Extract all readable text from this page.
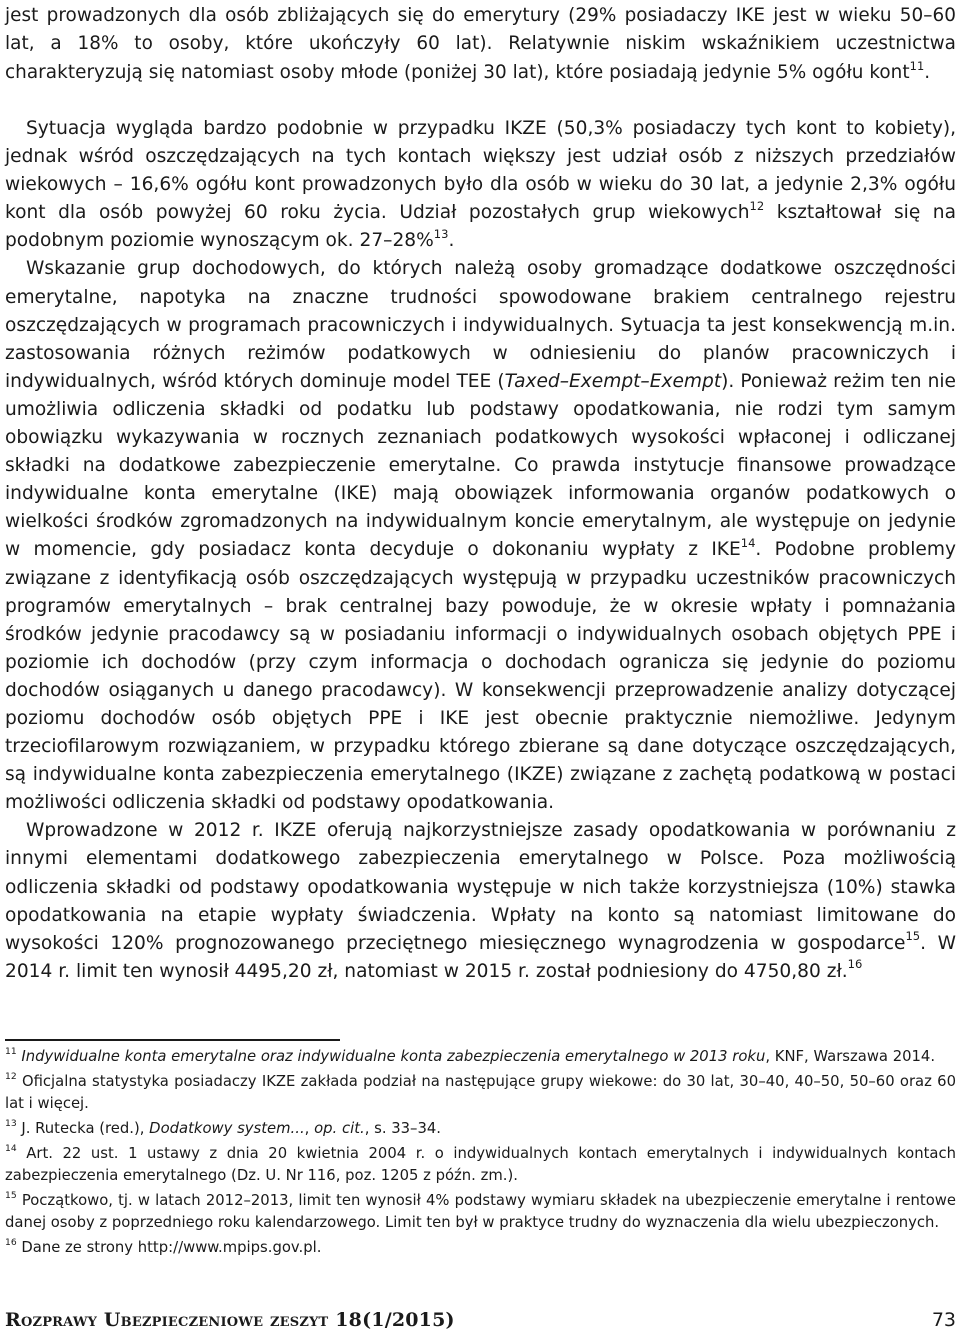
jest prowadzonych dla osób zbliżających się do emerytury (29% posiadaczy IKE jest w wieku 50–60 lat, a 18% to osoby, które ukończyły 60 lat). Relatywnie niskim wskaźnikiem uczestnictwa charakteryzują się natomiast osoby młode (poniżej 30 lat), które posiadają jedynie 5% ogółu kont$^{11}$.

Sytuacja wygląda bardzo podobnie w przypadku IKZE (50,3% posiadaczy tych kont to kobiety), jednak wśród oszczędzających na tych kontach większy jest udział osób z niższych przedziałów wiekowych – 16,6% ogółu kont prowadzonych było dla osób w wieku do 30 lat, a jedynie 2,3% ogółu kont dla osób powyżej 60 roku życia. Udział pozostałych grup wiekowych$^{12}$ kształtował się na podobnym poziomie wynoszącym ok. 27–28%$^{13}$.

Wskazanie grup dochodowych, do których należą osoby gromadzące dodatkowe oszczędności emerytalne, napotyka na znaczne trudności spowodowane brakiem centralnego rejestru oszczędzających w programach pracowniczych i indywidualnych. Sytuacja ta jest konsekwencją m.in. zastosowania różnych reżimów podatkowych w odniesieniu do planów pracowniczych i indywidualnych, wśród których dominuje model TEE (Taxed–Exempt–Exempt). Ponieważ reżim ten nie umożliwia odliczenia składki od podatku lub podstawy opodatkowania, nie rodzi tym samym obowiązku wykazywania w rocznych zeznaniach podatkowych wysokości wpłaconej i odliczanej składki na dodatkowe zabezpieczenie emerytalne. Co prawda instytucje finansowe prowadzące indywidualne konta emerytalne (IKE) mają obowiązek informowania organów podatkowych o wielkości środków zgromadzonych na indywidualnym koncie emerytalnym, ale występuje on jedynie w momencie, gdy posiadacz konta decyduje o dokonaniu wypłaty z IKE$^{14}$. Podobne problemy związane z identyfikacją osób oszczędzających występują w przypadku uczestników pracowniczych programów emerytalnych – brak centralnej bazy powoduje, że w okresie wpłaty i pomnażania środków jedynie pracodawcy są w posiadaniu informacji o indywidualnych osobach objętych PPE i poziomie ich dochodów (przy czym informacja o dochodach ogranicza się jedynie do poziomu dochodów osiąganych u danego pracodawcy). W konsekwencji przeprowadzenie analizy dotyczącej poziomu dochodów osób objętych PPE i IKE jest obecnie praktycznie niemożliwe. Jedynym trzeciofilarowym rozwiązaniem, w przypadku którego zbierane są dane dotyczące oszczędzających, są indywidualne konta zabezpieczenia emerytalnego (IKZE) związane z zachętą podatkową w postaci możliwości odliczenia składki od podstawy opodatkowania.

Wprowadzone w 2012 r. IKZE oferują najkorzystniejsze zasady opodatkowania w porównaniu z innymi elementami dodatkowego zabezpieczenia emerytalnego w Polsce. Poza możliwością odliczenia składki od podstawy opodatkowania występuje w nich także korzystniejsza (10%) stawka opodatkowania na etapie wypłaty świadczenia. Wpłaty na konto są natomiast limitowane do wysokości 120% prognozowanego przeciętnego miesięcznego wynagrodzenia w gospodarce$^{15}$. W 2014 r. limit ten wynosił 4495,20 zł, natomiast w 2015 r. został podniesiony do 4750,80 zł.$^{16}$

$^{11}$ Indywidualne konta emerytalne oraz indywidualne konta zabezpieczenia emerytalnego w 2013 roku, KNF, Warszawa 2014.

$^{12}$ Oficjalna statystyka posiadaczy IKZE zakłada podział na następujące grupy wiekowe: do 30 lat, 30–40, 40–50, 50–60 oraz 60 lat i więcej.

$^{13}$ J. Rutecka (red.), Dodatkowy system..., op. cit., s. 33–34.

$^{14}$ Art. 22 ust. 1 ustawy z dnia 20 kwietnia 2004 r. o indywidualnych kontach emerytalnych i indywidualnych kontach zabezpieczenia emerytalnego (Dz. U. Nr 116, poz. 1205 z późn. zm.).

$^{15}$ Początkowo, tj. w latach 2012–2013, limit ten wynosił 4% podstawy wymiaru składek na ubezpieczenie emerytalne i rentowe danej osoby z poprzedniego roku kalendarzowego. Limit ten był w praktyce trudny do wyznaczenia dla wielu ubezpieczonych.

$^{16}$ Dane ze strony http://www.mpips.gov.pl.

Rozprawy Ubezpieczeniowe zeszyt 18(1/2015)	73
